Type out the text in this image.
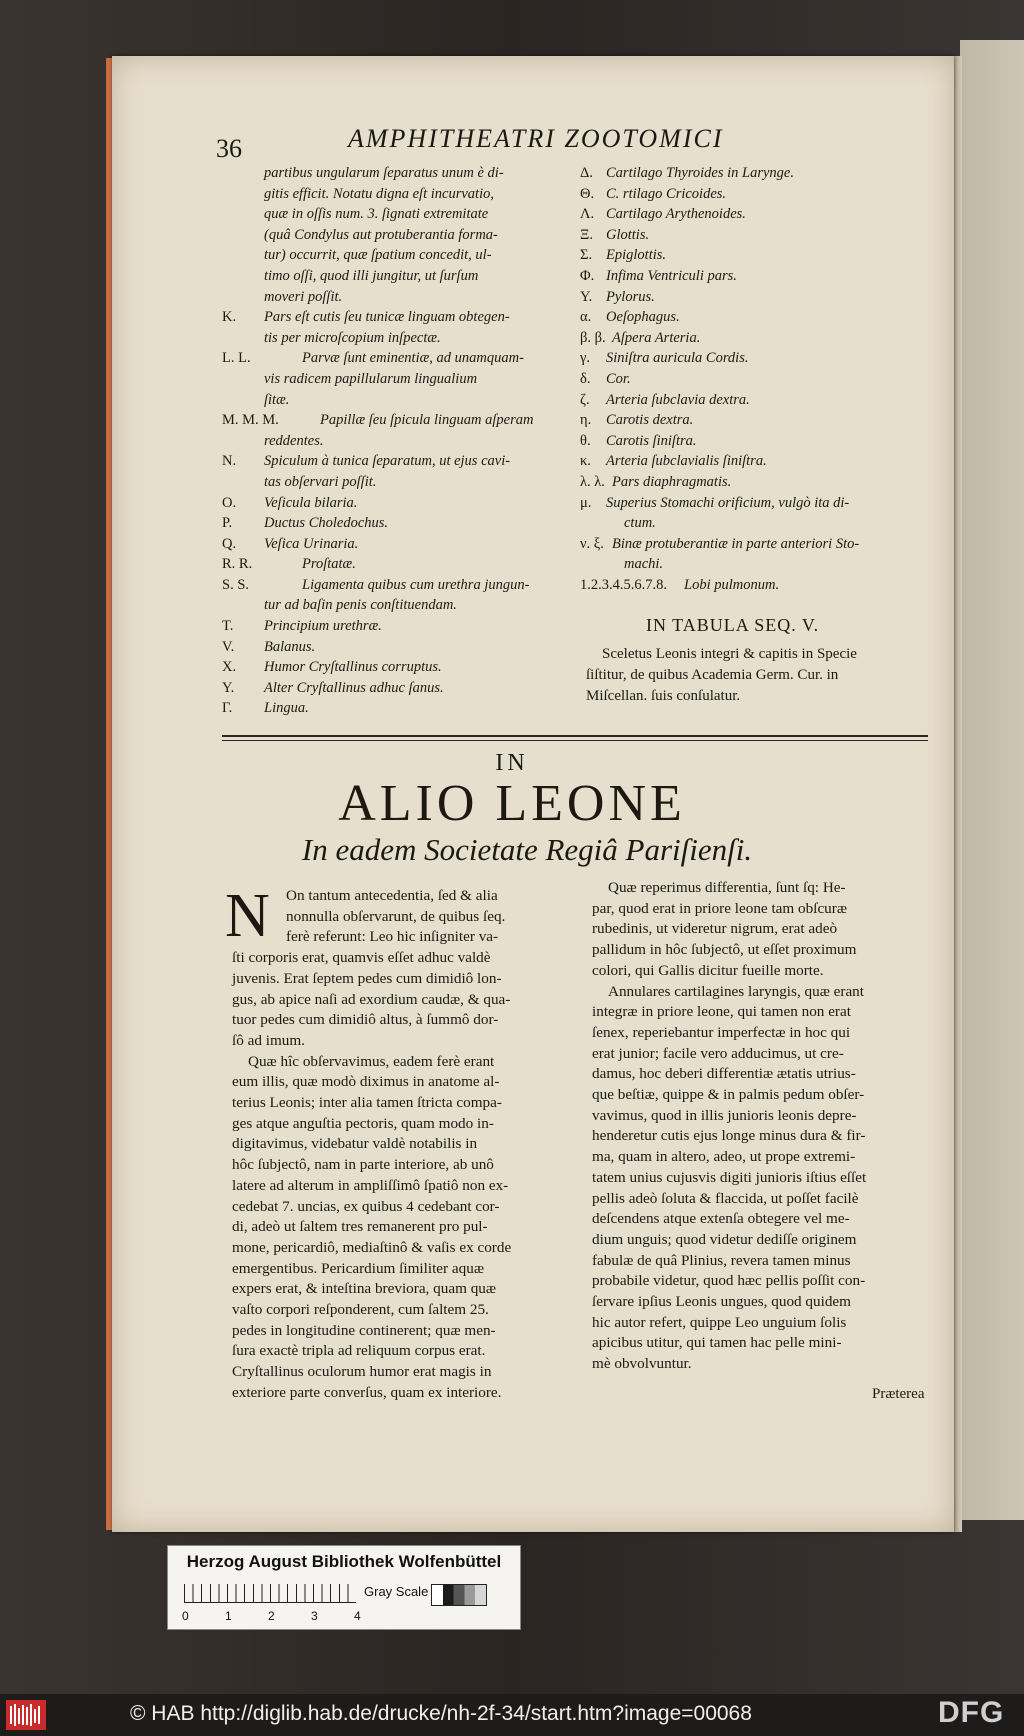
36	AMPHITHEATRI ZOOTOMICI
partibus ungularum ſeparatus unum è di-
gitis efficit. Notatu digna eſt incurvatio,
quæ in oſſis num. 3. ſignati extremitate
(quâ Condylus aut protuberantia forma-
tur) occurrit, quæ ſpatium concedit, ul-
timo oſſi, quod illi jungitur, ut ſurſum
moveri poſſit.
K. Pars eſt cutis ſeu tunicæ linguam obtegen-
tis per microſcopium inſpectæ.
L. L.	Parvæ ſunt eminentiæ, ad unamquam-
vis radicem papillularum lingualium
ſitæ.
M. M. M.	Papillæ ſeu ſpicula linguam aſperam
reddentes.
N. Spiculum à tunica ſeparatum, ut ejus cavi-
tas obſervari poſſit.
O. Veſicula bilaria.
P. Ductus Choledochus.
Q. Veſica Urinaria.
R. R.	Proſtatæ.
S. S.	Ligamenta quibus cum urethra jungun-
tur ad baſin penis conſtituendam.
T. Principium urethræ.
V. Balanus.
X. Humor Cryſtallinus corruptus.
Y. Alter Cryſtallinus adhuc ſanus.
Γ. Lingua.
Δ. Cartilago Thyroides in Larynge.
Θ. C. rtilago Cricoides.
Λ. Cartilago Arythenoides.
Ξ. Glottis.
Σ. Epiglottis.
Φ. Infima Ventriculi pars.
Υ. Pylorus.
α. Oeſophagus.
β. β. Aſpera Arteria.
γ. Siniſtra auricula Cordis.
δ. Cor.
ζ. Arteria ſubclavia dextra.
η. Carotis dextra.
θ. Carotis ſiniſtra.
κ. Arteria ſubclavialis ſiniſtra.
λ. λ. Pars diaphragmatis.
μ. Superius Stomachi orificium, vulgò ita di-
ctum.
ν. ξ. Binæ protuberantiæ in parte anteriori Sto-
machi.
1.2.3.4.5.6.7.8. Lobi pulmonum.
IN TABULA SEQ. V.
Sceletus Leonis integri & capitis in Specie
ſiſtitur, de quibus Academia Germ. Cur. in
Miſcellan. ſuis conſulatur.
IN
ALIO LEONE
In eadem Societate Regiâ Pariſienſi.
N	On tantum antecedentia, ſed & alia
nonnulla obſervarunt, de quibus ſeq.
ferè referunt: Leo hic inſigniter va-
ſti corporis erat, quamvis eſſet adhuc valdè
juvenis. Erat ſeptem pedes cum dimidiô lon-
gus, ab apice naſi ad exordium caudæ, & qua-
tuor pedes cum dimidiô altus, à ſummô dor-
ſô ad imum.
Quæ hîc obſervavimus, eadem ferè erant
eum illis, quæ modò diximus in anatome al-
terius Leonis; inter alia tamen ſtricta compa-
ges atque anguſtia pectoris, quam modo in-
digitavimus, videbatur valdè notabilis in
hôc ſubjectô, nam in parte interiore, ab unô
latere ad alterum in ampliſſimô ſpatiô non ex-
cedebat 7. uncias, ex quibus 4 cedebant cor-
di, adeò ut ſaltem tres remanerent pro pul-
mone, pericardiô, mediaſtinô & vaſis ex corde
emergentibus. Pericardium ſimiliter aquæ
expers erat, & inteſtina breviora, quam quæ
vaſto corpori reſponderent, cum ſaltem 25.
pedes in longitudine continerent; quæ men-
ſura exactè tripla ad reliquum corpus erat.
Cryſtallinus oculorum humor erat magis in
exteriore parte converſus, quam ex interiore.
Quæ reperimus differentia, ſunt ſq: He-
par, quod erat in priore leone tam obſcuræ
rubedinis, ut videretur nigrum, erat adeò
pallidum in hôc ſubjectô, ut eſſet proximum
colori, qui Gallis dicitur fueille morte.
Annulares cartilagines laryngis, quæ erant
integræ in priore leone, qui tamen non erat
ſenex, reperiebantur imperfectæ in hoc qui
erat junior; facile vero adducimus, ut cre-
damus, hoc deberi differentiæ ætatis utrius-
que beſtiæ, quippe & in palmis pedum obſer-
vavimus, quod in illis junioris leonis depre-
henderetur cutis ejus longe minus dura & fir-
ma, quam in altero, adeo, ut prope extremi-
tatem unius cujusvis digiti junioris iſtius eſſet
pellis adeò ſoluta & flaccida, ut poſſet facilè
deſcendens atque extenſa obtegere vel me-
dium unguis; quod videtur dediſſe originem
fabulæ de quâ Plinius, revera tamen minus
probabile videtur, quod hæc pellis poſſit con-
ſervare ipſius Leonis ungues, quod quidem
hic autor refert, quippe Leo unguium ſolis
apicibus utitur, qui tamen hac pelle mini-
mè obvolvuntur.
Præterea
Herzog August Bibliothek Wolfenbüttel
0	1	2	3	4
Gray Scale
© HAB http://diglib.hab.de/drucke/nh-2f-34/start.htm?image=00068	DFG
